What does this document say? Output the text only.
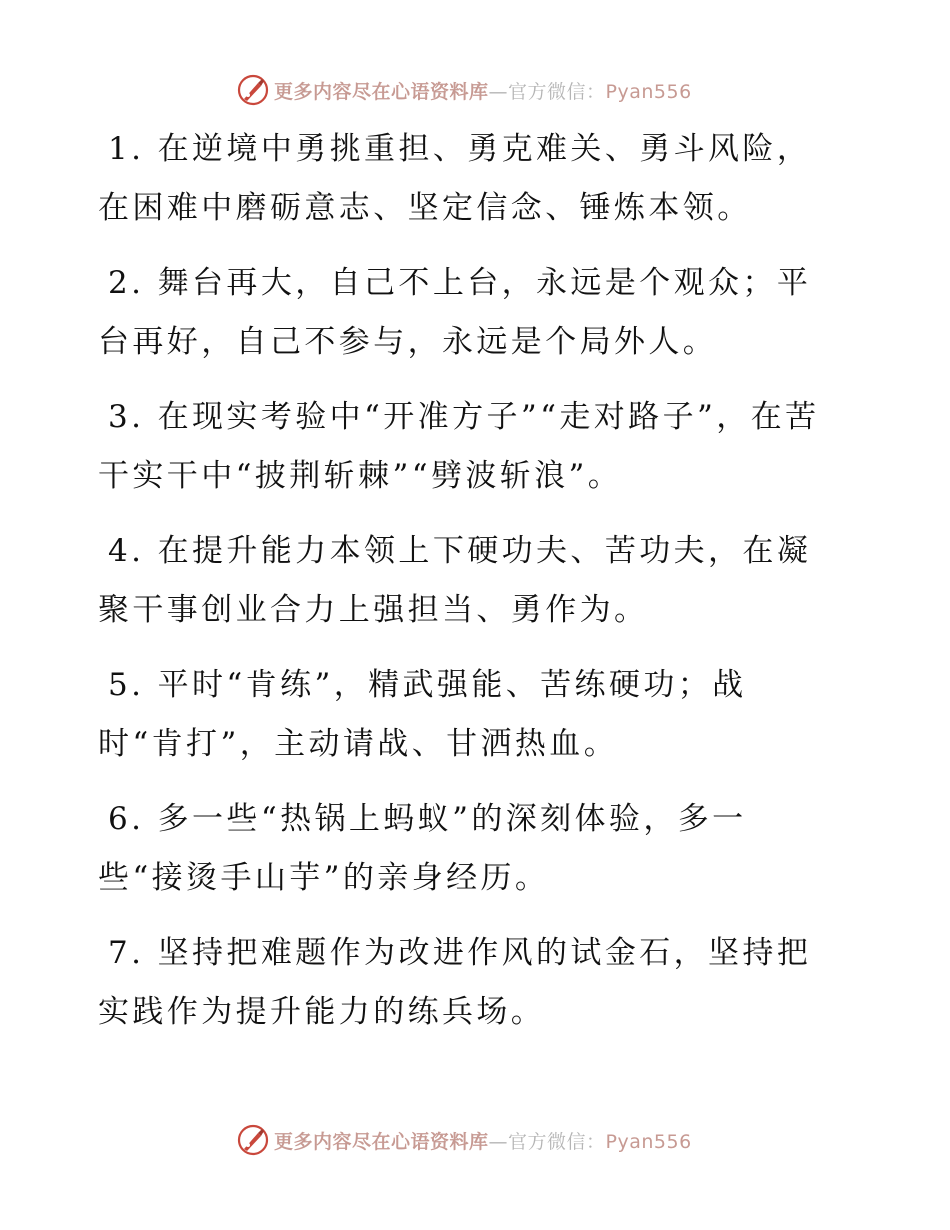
更多内容尽在心语资料库—官方微信：Pyan556

1. 在逆境中勇挑重担、勇克难关、勇斗风险，在困难中磨砺意志、坚定信念、锤炼本领。

2. 舞台再大，自己不上台，永远是个观众；平台再好，自己不参与，永远是个局外人。

3. 在现实考验中“开准方子”“走对路子”，在苦干实干中“披荆斩棘”“劈波斩浪”。

4. 在提升能力本领上下硬功夫、苦功夫，在凝聚干事创业合力上强担当、勇作为。

5. 平时“肯练”，精武强能、苦练硬功；战时“肯打”，主动请战、甘洒热血。

6. 多一些“热锅上蚂蚁”的深刻体验，多一些“接烫手山芋”的亲身经历。

7. 坚持把难题作为改进作风的试金石，坚持把实践作为提升能力的练兵场。

更多内容尽在心语资料库—官方微信：Pyan556
